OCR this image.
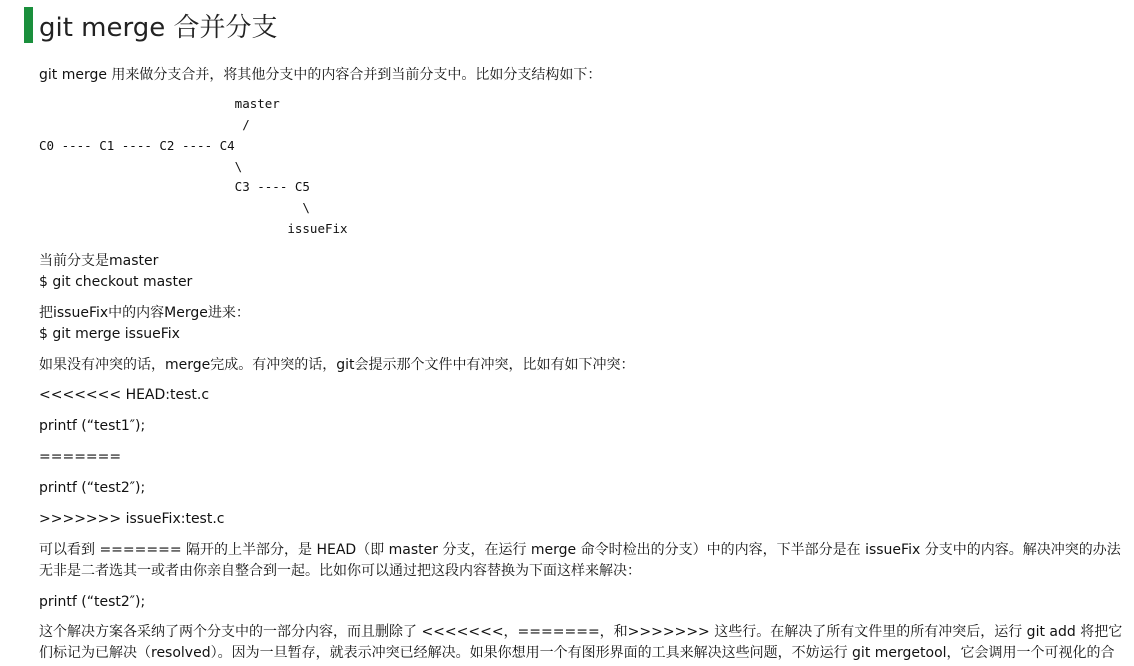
git merge 合并分支
git merge 用来做分支合并，将其他分支中的内容合并到当前分支中。比如分支结构如下：
master
/
C0 ---- C1 ---- C2 ---- C4
\
C3 ---- C5
\
issueFix
当前分支是master
$ git checkout master
把issueFix中的内容Merge进来：
$ git merge issueFix
如果没有冲突的话，merge完成。有冲突的话，git会提示那个文件中有冲突，比如有如下冲突：
<<<<<<< HEAD:test.c
printf (“test1″);
=======
printf (“test2″);
>>>>>>> issueFix:test.c
可以看到 ======= 隔开的上半部分，是 HEAD（即 master 分支，在运行 merge 命令时检出的分支）中的内容，下半部分是在 issueFix 分支中的内容。解决冲突的办法无非是二者选其一或者由你亲自整合到一起。比如你可以通过把这段内容替换为下面这样来解决：
printf (“test2″);
这个解决方案各采纳了两个分支中的一部分内容，而且删除了 <<<<<<<，=======，和>>>>>>> 这些行。在解决了所有文件里的所有冲突后，运行 git add 将把它们标记为已解决（resolved）。因为一旦暂存，就表示冲突已经解决。如果你想用一个有图形界面的工具来解决这些问题，不妨运行 git mergetool，它会调用一个可视化的合
